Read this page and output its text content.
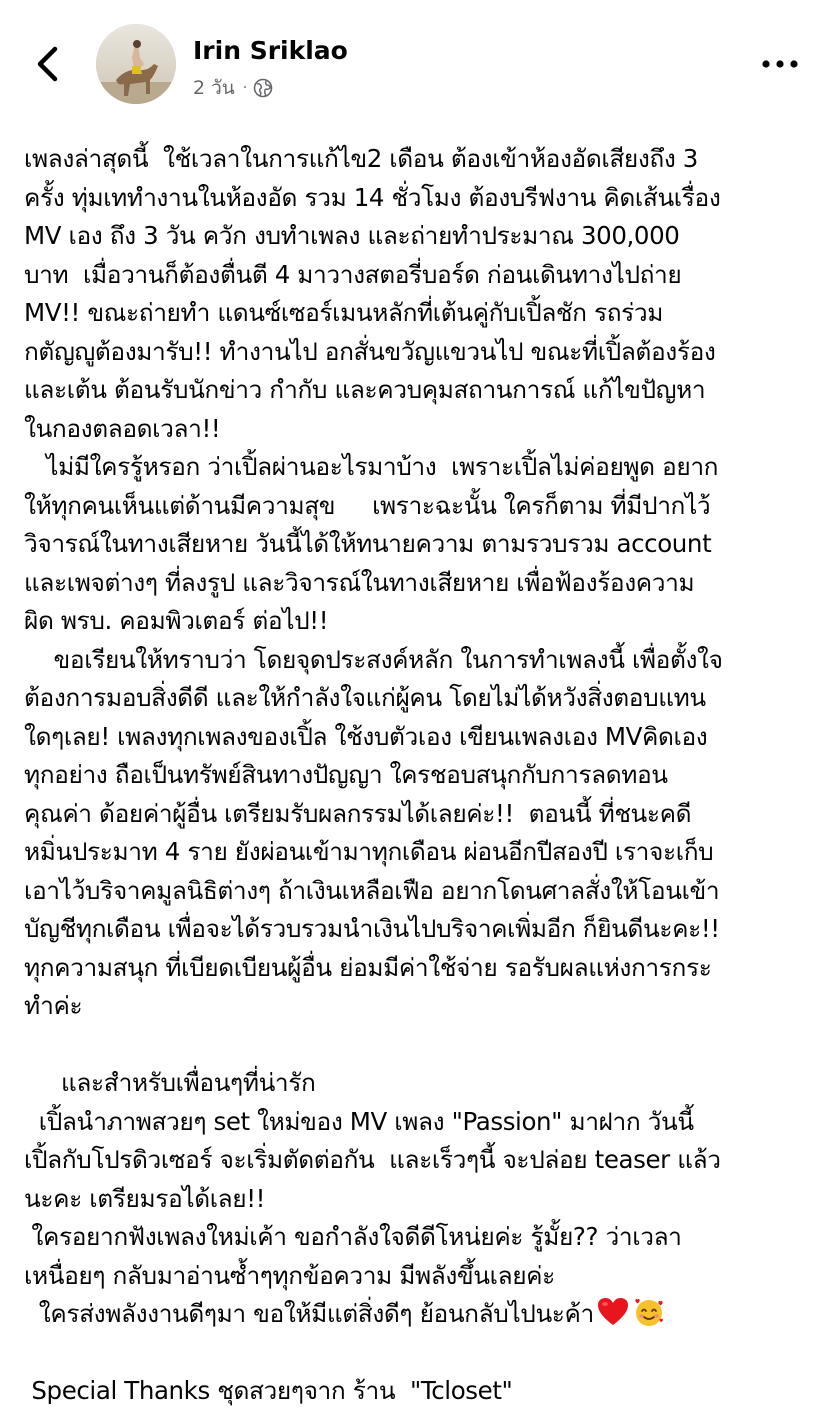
Irin Sriklao
2 วัน ·
เพลงล่าสุดนี้  ใช้เวลาในการแก้ไข2 เดือน ต้องเข้าห้องอัดเสียงถึง 3
ครั้ง ทุ่มเททำงานในห้องอัด รวม 14 ชั่วโมง ต้องบรีฟงาน คิดเส้นเรื่อง
MV เอง ถึง 3 วัน ควัก งบทำเพลง และถ่ายทำประมาณ 300,000
บาท  เมื่อวานก็ต้องตื่นตี 4 มาวางสตอรี่บอร์ด ก่อนเดินทางไปถ่าย
MV!! ขณะถ่ายทำ แดนซ์เซอร์เมนหลักที่เต้นคู่กับเปิ้ลชัก รถร่วม
กตัญญูต้องมารับ!! ทำงานไป อกสั่นขวัญแขวนไป ขณะที่เปิ้ลต้องร้อง
และเต้น ต้อนรับนักข่าว กำกับ และควบคุมสถานการณ์ แก้ไขปัญหา
ในกองตลอดเวลา!!
ไม่มีใครรู้หรอก ว่าเปิ้ลผ่านอะไรมาบ้าง  เพราะเปิ้ลไม่ค่อยพูด อยาก
ให้ทุกคนเห็นแต่ด้านมีความสุข     เพราะฉะนั้น ใครก็ตาม ที่มีปากไว้
วิจารณ์ในทางเสียหาย วันนี้ได้ให้ทนายความ ตามรวบรวม account
และเพจต่างๆ ที่ลงรูป และวิจารณ์ในทางเสียหาย เพื่อฟ้องร้องความ
ผิด พรบ. คอมพิวเตอร์ ต่อไป!!
ขอเรียนให้ทราบว่า โดยจุดประสงค์หลัก ในการทำเพลงนี้ เพื่อตั้งใจ
ต้องการมอบสิ่งดีดี และให้กำลังใจแก่ผู้คน โดยไม่ได้หวังสิ่งตอบแทน
ใดๆเลย! เพลงทุกเพลงของเปิ้ล ใช้งบตัวเอง เขียนเพลงเอง MVคิดเอง
ทุกอย่าง ถือเป็นทรัพย์สินทางปัญญา ใครชอบสนุกกับการลดทอน
คุณค่า ด้อยค่าผู้อื่น เตรียมรับผลกรรมได้เลยค่ะ!!  ตอนนี้ ที่ชนะคดี
หมิ่นประมาท 4 ราย ยังผ่อนเข้ามาทุกเดือน ผ่อนอีกปีสองปี เราจะเก็บ
เอาไว้บริจาคมูลนิธิต่างๆ ถ้าเงินเหลือเฟือ อยากโดนศาลสั่งให้โอนเข้า
บัญชีทุกเดือน เพื่อจะได้รวบรวมนำเงินไปบริจาคเพิ่มอีก ก็ยินดีนะคะ!!
ทุกความสนุก ที่เบียดเบียนผู้อื่น ย่อมมีค่าใช้จ่าย รอรับผลแห่งการกระ
ทำค่ะ
และสำหรับเพื่อนๆที่น่ารัก
เปิ้ลนำภาพสวยๆ set ใหม่ของ MV เพลง "Passion" มาฝาก วันนี้
เปิ้ลกับโปรดิวเซอร์ จะเริ่มตัดต่อกัน  และเร็วๆนี้ จะปล่อย teaser แล้ว
นะคะ เตรียมรอได้เลย!!
ใครอยากฟังเพลงใหม่เค้า ขอกำลังใจดีดีโหน่ยค่ะ รู้มั้ย?? ว่าเวลา
เหนื่อยๆ กลับมาอ่านซ้ำๆทุกข้อความ มีพลังขึ้นเลยค่ะ
ใครส่งพลังงานดีๆมา ขอให้มีแต่สิ่งดีๆ ย้อนกลับไปนะค้า
Special Thanks ชุดสวยๆจาก ร้าน  "Tcloset"
